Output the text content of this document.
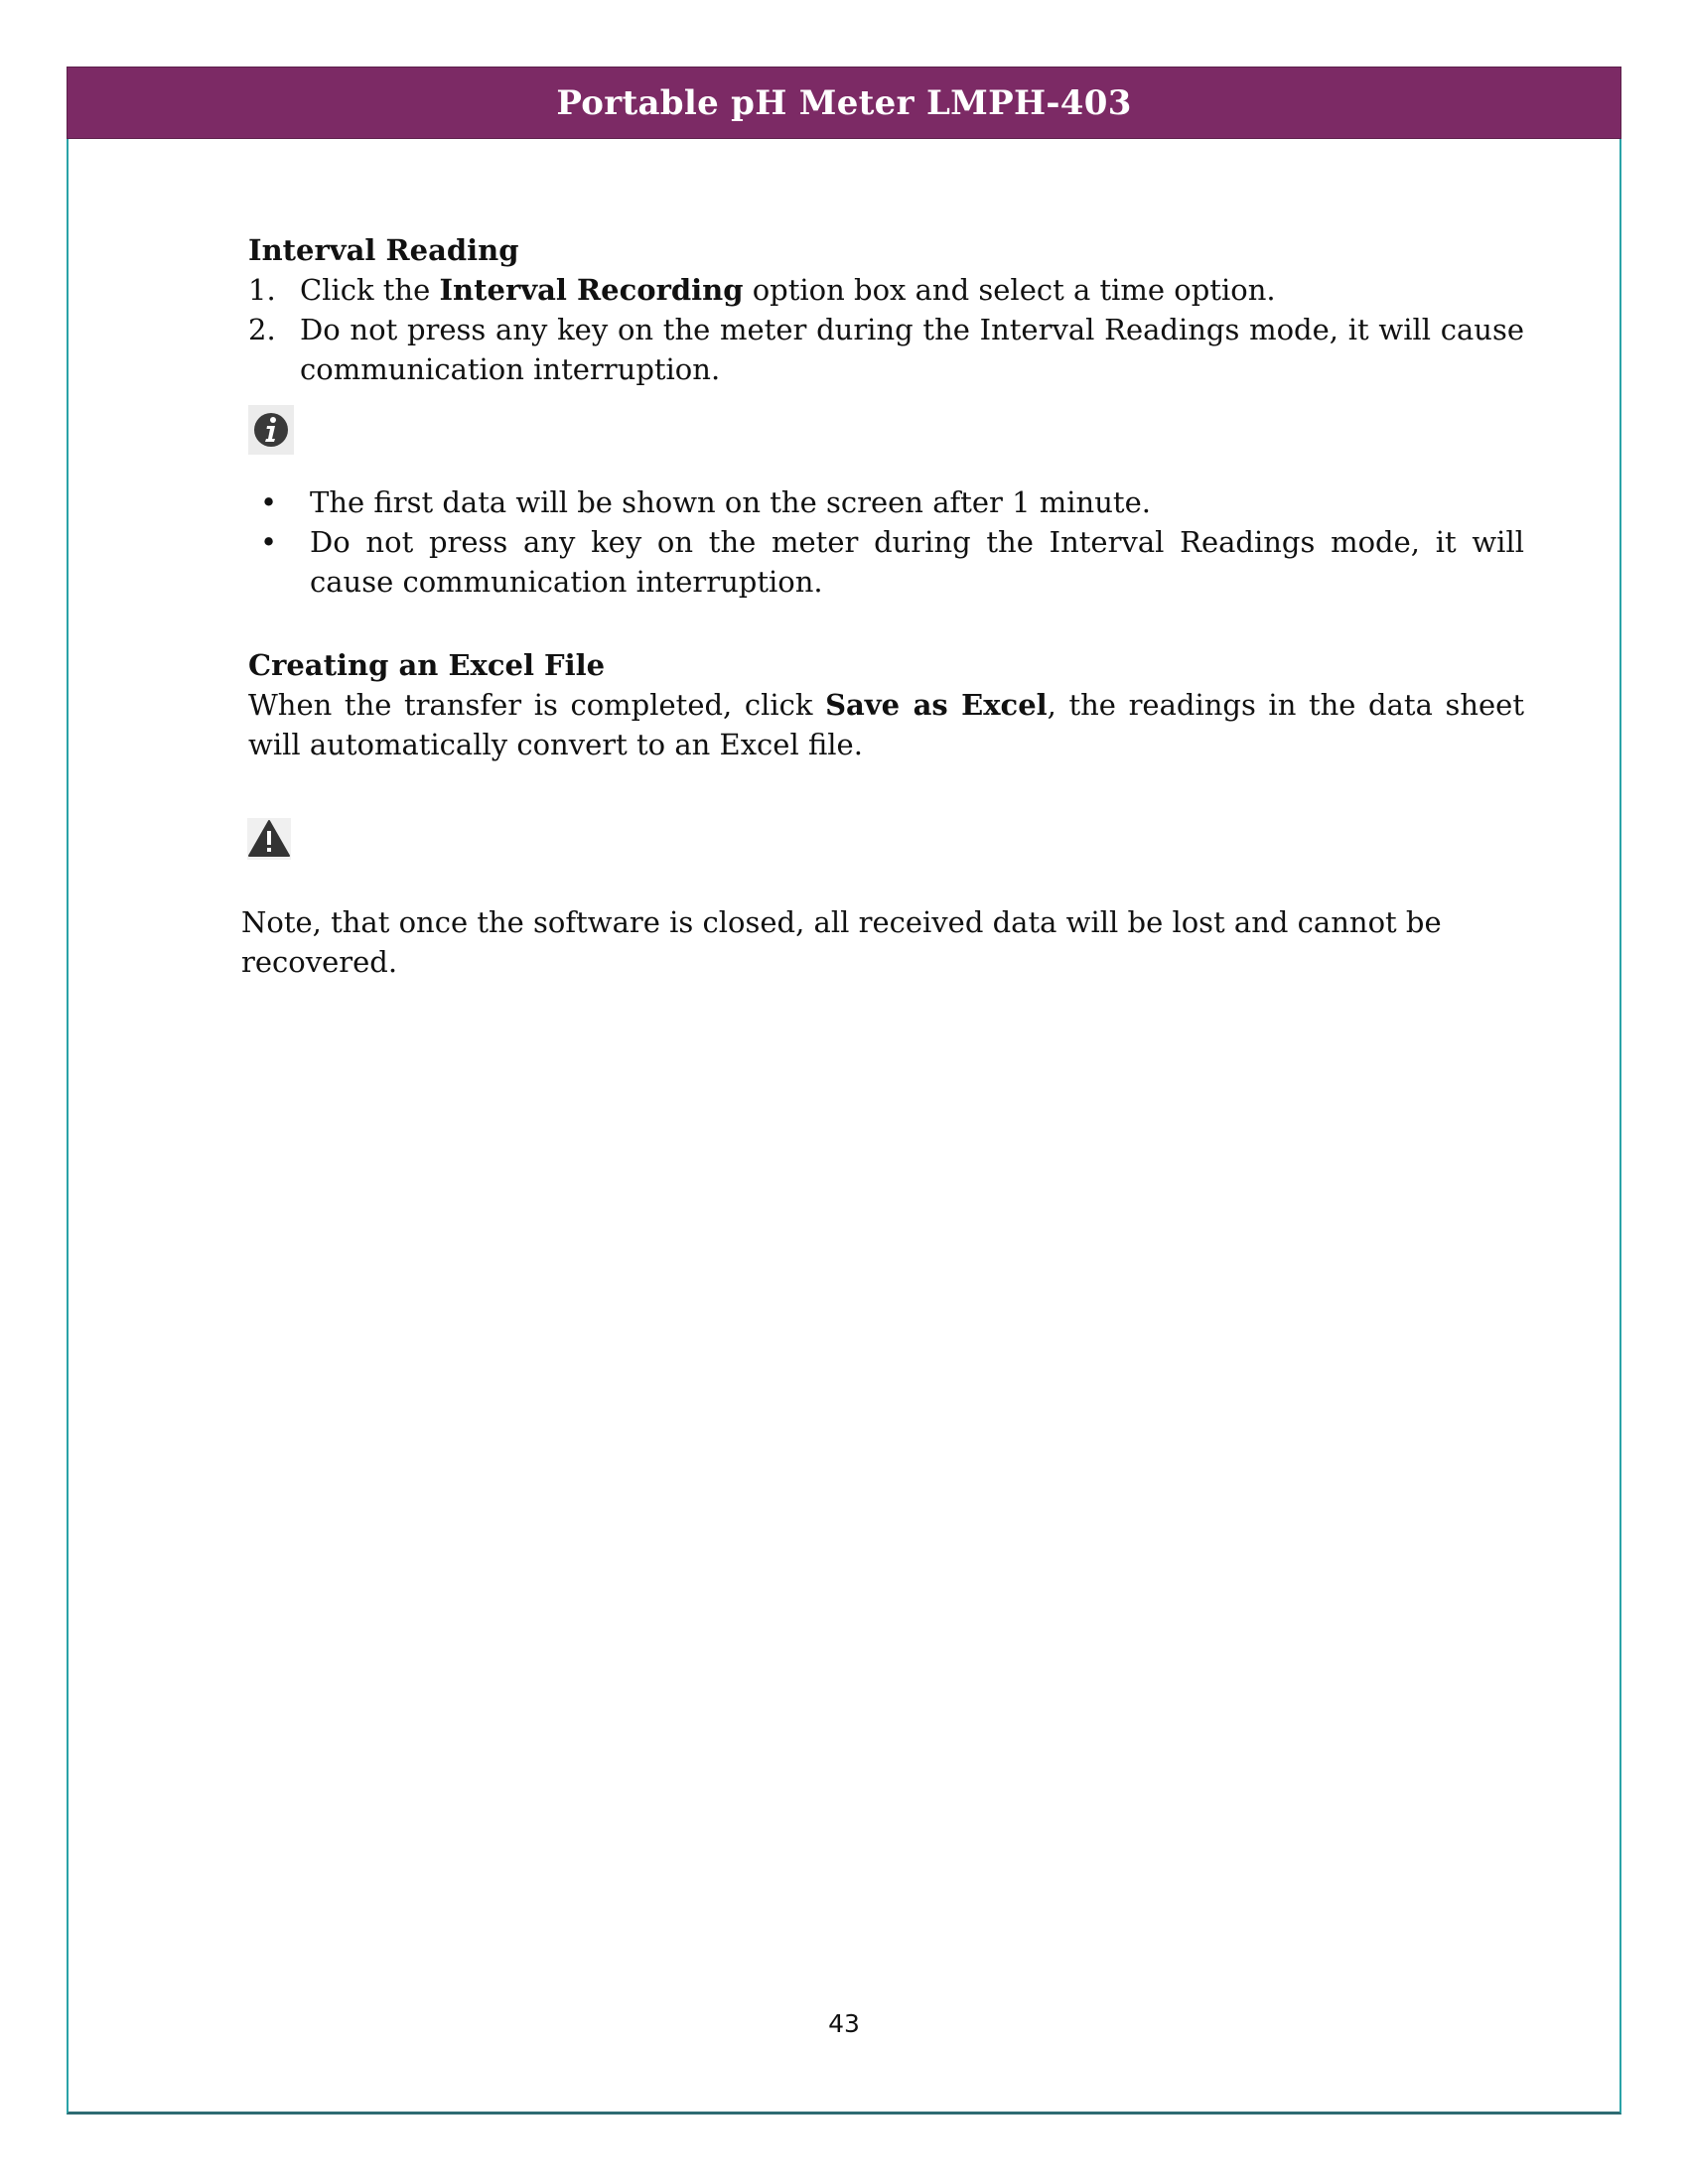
Portable pH Meter LMPH-403

Interval Reading

1. Click the Interval Recording option box and select a time option.
2. Do not press any key on the meter during the Interval Readings mode, it will cause communication interruption.
• The first data will be shown on the screen after 1 minute.
• Do not press any key on the meter during the Interval Readings mode, it will cause communication interruption.

Creating an Excel File

When the transfer is completed, click Save as Excel, the readings in the data sheet will automatically convert to an Excel file.

Note, that once the software is closed, all received data will be lost and cannot be recovered.

43
